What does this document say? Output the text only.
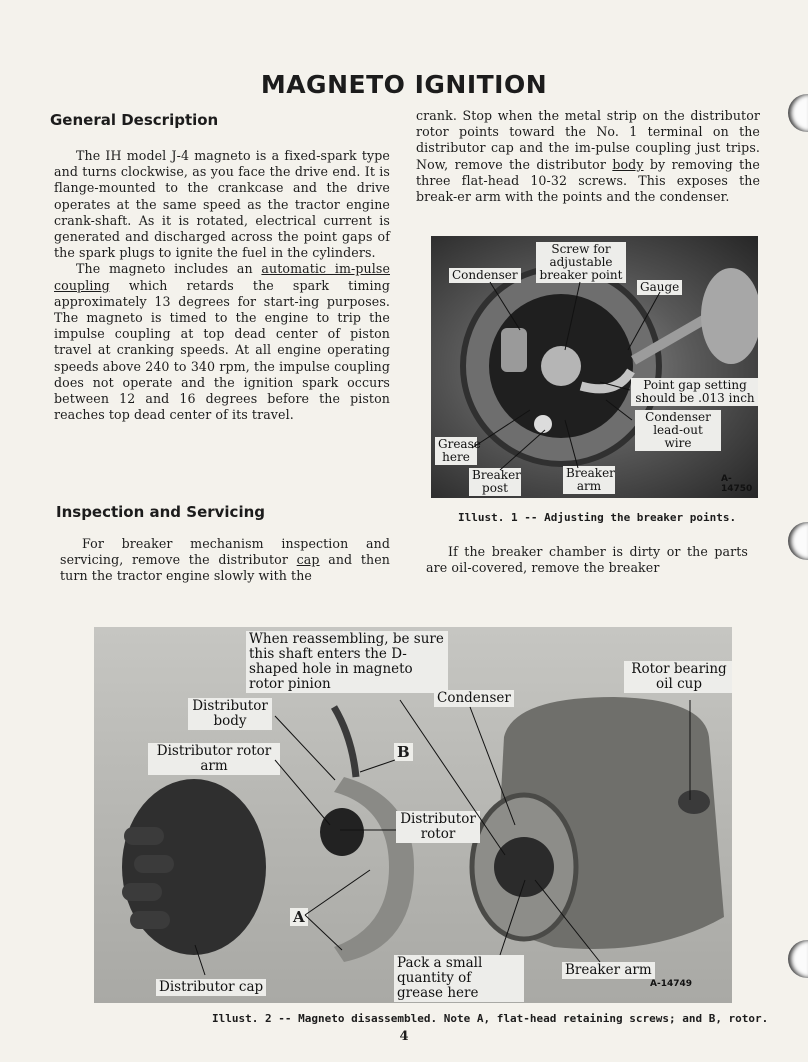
MAGNETO IGNITION
General Description

The IH model J-4 magneto is a fixed-spark type and turns clockwise, as you face the drive end. It is flange-mounted to the crankcase and the drive operates at the same speed as the tractor engine crank-shaft. As it is rotated, electrical current is generated and discharged across the point gaps of the spark plugs to ignite the fuel in the cylinders.

The magneto includes an automatic im-pulse coupling which retards the spark timing approximately 13 degrees for start-ing purposes. The magneto is timed to the engine to trip the impulse coupling at top dead center of piston travel at cranking speeds. At all engine operating speeds above 240 to 340 rpm, the impulse coupling does not operate and the ignition spark occurs between 12 and 16 degrees before the piston reaches top dead center of its travel.

Inspection and Servicing

For breaker mechanism inspection and servicing, remove the distributor cap and then turn the tractor engine slowly with the

crank. Stop when the metal strip on the distributor rotor points toward the No. 1 terminal on the distributor cap and the im-pulse coupling just trips. Now, remove the distributor body by removing the three flat-head 10-32 screws. This exposes the break-er arm with the points and the condenser.

Condenser
Screw for adjustable breaker point
Gauge
Point gap setting should be .013 inch
Condenser lead-out wire
Grease here
Breaker post
Breaker arm	A-14750
Illust. 1 -- Adjusting the breaker points.

If the breaker chamber is dirty or the parts are oil-covered, remove the breaker

When reassembling, be sure this shaft enters the D-shaped hole in magneto rotor pinion
Distributor body
Distributor rotor arm
Condenser
Rotor bearing oil cup
Distributor rotor
Pack a small quantity of grease here
Breaker arm
Distributor cap
A
B
A-14749
Illust. 2 -- Magneto disassembled. Note A, flat-head retaining screws; and B, rotor.
4
